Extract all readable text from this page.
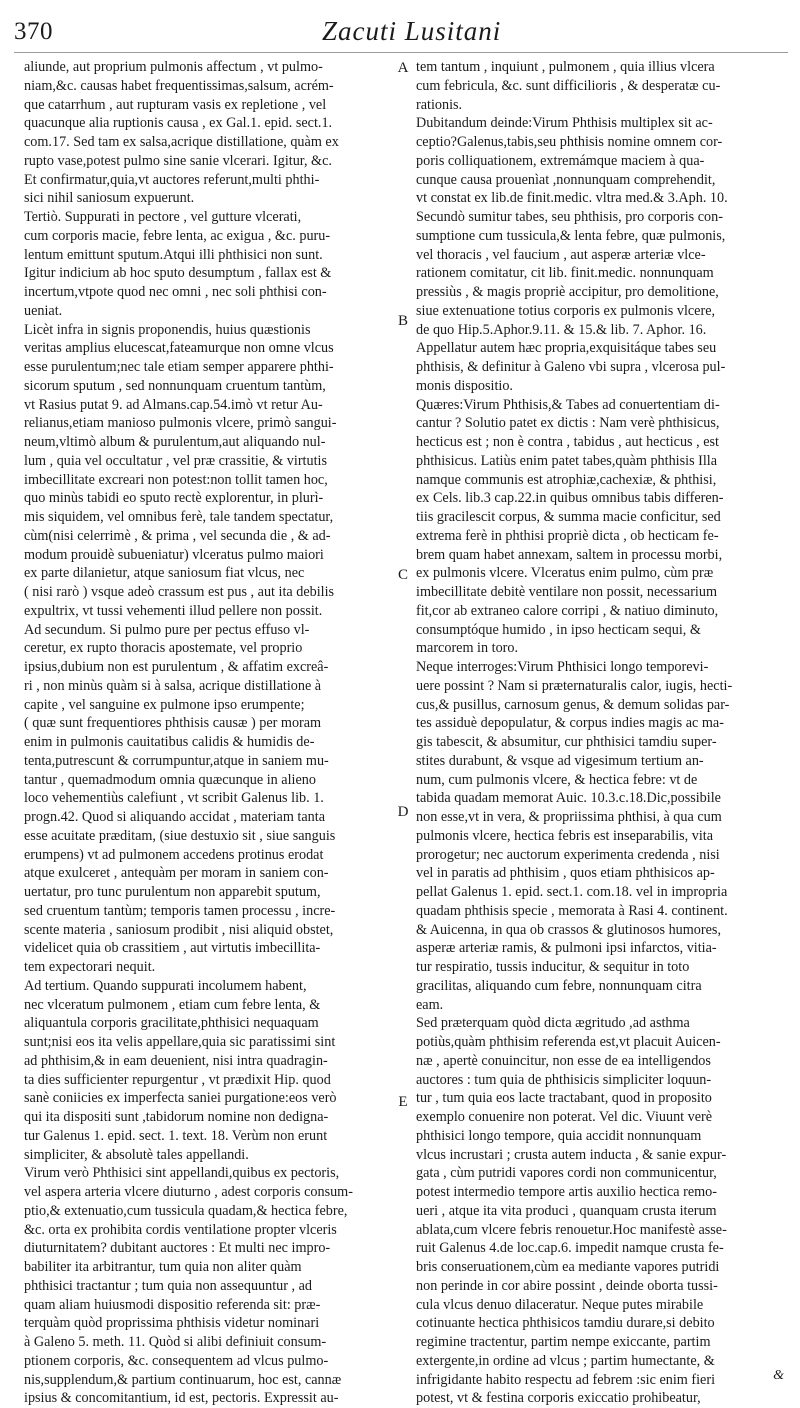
370	Zacuti Lusitani
aliunde, aut proprium pulmonis affectum , vt pulmo-
niam,&c. causas habet frequentissimas,salsum, acrém-
que catarrhum , aut rupturam vasis ex repletione , vel
quacunque alia ruptionis causa , ex Gal.1. epid. sect.1.
com.17. Sed tam ex salsa,acrique distillatione, quàm ex
rupto vase,potest pulmo sine sanie vlcerari. Igitur, &c.
Et confirmatur,quia,vt auctores referunt,multi phthi-
sici nihil saniosum expuerunt.
Tertiò. Suppurati in pectore , vel gutture vlcerati,
cum corporis macie, febre lenta, ac exigua , &c. puru-
lentum emittunt sputum.Atqui illi phthisici non sunt.
Igitur indicium ab hoc sputo desumptum , fallax est &
incertum,vtpote quod nec omni , nec soli phthisi con-
ueniat.
Licèt infra in signis proponendis, huius quæstionis
veritas amplius elucescat,fateamurque non omne vlcus
esse purulentum;nec tale etiam semper apparere phthi-
sicorum sputum , sed nonnunquam cruentum tantùm,
vt Rasius putat 9. ad Almans.cap.54.imò vt retur Au-
relianus,etiam manioso pulmonis vlcere, primò sangui-
neum,vltimò album & purulentum,aut aliquando nul-
lum , quia vel occultatur , vel præ crassitie, & virtutis
imbecillitate excreari non potest:non tollit tamen hoc,
quo minùs tabidi eo sputo rectè explorentur, in plurì-
mis siquidem, vel omnibus ferè, tale tandem spectatur,
cùm(nisi celerrimè , & prima , vel secunda die , & ad-
modum prouidè subueniatur) vlceratus pulmo maiori
ex parte dilanietur, atque saniosum fiat vlcus, nec
( nisi rarò ) vsque adeò crassum est pus , aut ita debilis
expultrix, vt tussi vehementi illud pellere non possit.
Ad secundum. Si pulmo pure per pectus effuso vl-
ceretur, ex rupto thoracis apostemate, vel proprio
ipsius,dubium non est purulentum , & affatim excreâ-
ri , non minùs quàm si à salsa, acrique distillatione à
capite , vel sanguine ex pulmone ipso erumpente;
( quæ sunt frequentiores phthisis causæ ) per moram
enim in pulmonis cauitatibus calidis & humidis de-
tenta,putrescunt & corrumpuntur,atque in saniem mu-
tantur , quemadmodum omnia quæcunque in alieno
loco vehementiùs calefiunt , vt scribit Galenus lib. 1.
progn.42. Quod si aliquando accidat , materiam tanta
esse acuitate præditam, (siue destuxio sit , siue sanguis
erumpens) vt ad pulmonem accedens protinus erodat
atque exulceret , antequàm per moram in saniem con-
uertatur, pro tunc purulentum non apparebit sputum,
sed cruentum tantùm; temporis tamen processu , incre-
scente materia , saniosum prodibit , nisi aliquid obstet,
videlicet quia ob crassitiem , aut virtutis imbecillita-
tem expectorari nequit.
Ad tertium. Quando suppurati incolumem habent,
nec vlceratum pulmonem , etiam cum febre lenta, &
aliquantula corporis gracilitate,phthisici nequaquam
sunt;nisi eos ita velis appellare,quia sic paratissimi sint
ad phthisim,& in eam deuenient, nisi intra quadragin-
ta dies sufficienter repurgentur , vt prædixit Hip. quod
sanè coniicies ex imperfecta saniei purgatione:eos verò
qui ita dispositi sunt ,tabidorum nomine non dedigna-
tur Galenus 1. epid. sect. 1. text. 18. Verùm non erunt
simpliciter, & absolutè tales appellandi.
Virum verò Phthisici sint appellandi,quibus ex pectoris,
vel aspera arteria vlcere diuturno , adest corporis consum-
ptio,& extenuatio,cum tussicula quadam,& hectica febre,
&c. orta ex prohibita cordis ventilatione propter vlceris
diuturnitatem? dubitant auctores : Et multi nec impro-
babiliter ita arbitrantur, tum quia non aliter quàm
phthisici tractantur ; tum quia non assequuntur , ad
quam aliam huiusmodi dispositio referenda sit: præ-
terquàm quòd proprissima phthisis videtur nominari
à Galeno 5. meth. 11. Quòd si alibi definiuit consum-
ptionem corporis, &c. consequentem ad vlcus pulmo-
nis,supplendum,& partium continuarum, hoc est, cannæ
ipsius & concomitantium, id est, pectoris. Expressit au-
A
B
C
D
E
tem tantum , inquiunt , pulmonem , quia illius vlcera
cum febricula, &c. sunt difficilioris , & desperatæ cu-
rationis.
Dubitandum deinde:Virum Phthisis multiplex sit ac-
ceptio?Galenus,tabis,seu phthisis nomine omnem cor-
poris colliquationem, extremámque maciem à qua-
cunque causa prouenìat ,nonnunquam comprehendit,
vt constat ex lib.de finit.medic. vltra med.& 3.Aph. 10.
Secundò sumitur tabes, seu phthisis, pro corporis con-
sumptione cum tussicula,& lenta febre, quæ pulmonis,
vel thoracis , vel faucium , aut asperæ arteriæ vlce-
rationem comitatur, cit lib. finit.medic. nonnunquam
pressiùs , & magis propriè accipitur, pro demolitione,
siue extenuatione totius corporis ex pulmonis vlcere,
de quo Hip.5.Aphor.9.11. & 15.& lib. 7. Aphor. 16.
Appellatur autem hæc propria,exquisitáque tabes seu
phthisis, & definitur à Galeno vbi supra , vlcerosa pul-
monis dispositio.
Quæres:Virum Phthisis,& Tabes ad conuertentiam di-
cantur ? Solutio patet ex dictis : Nam verè phthisicus,
hecticus est ; non è contra , tabidus , aut hecticus , est
phthisicus. Latiùs enim patet tabes,quàm phthisis Illa
namque communis est atrophiæ,cachexiæ, & phthisi,
ex Cels. lib.3 cap.22.in quibus omnibus tabis differen-
tiis gracilescit corpus, & summa macie conficitur, sed
extrema ferè in phthisi propriè dicta , ob hecticam fe-
brem quam habet annexam, saltem in processu morbi,
ex pulmonis vlcere. Vlceratus enim pulmo, cùm præ
imbecillitate debitè ventilare non possit, necessarium
fit,cor ab extraneo calore corripi , & natiuo diminuto,
consumptóque humido , in ipso hecticam sequi, &
marcorem in toro.
Neque interroges:Virum Phthisici longo temporevi-
uere possint ? Nam si præternaturalis calor, iugis, hecti-
cus,& pusillus, carnosum genus, & demum solidas par-
tes assiduè depopulatur, & corpus indies magis ac ma-
gis tabescit, & absumitur, cur phthisici tamdiu super-
stites durabunt, & vsque ad vigesimum tertium an-
num, cum pulmonis vlcere, & hectica febre: vt de
tabida quadam memorat Auic. 10.3.c.18.Dic,possibile
non esse,vt in vera, & propriissima phthisi, à qua cum
pulmonis vlcere, hectica febris est inseparabilis, vita
prorogetur; nec auctorum experimenta credenda , nisi
vel in paratis ad phthisim , quos etiam phthisicos ap-
pellat Galenus 1. epid. sect.1. com.18. vel in impropria
quadam phthisis specie , memorata à Rasi 4. continent.
& Auicenna, in qua ob crassos & glutinosos humores,
asperæ arteriæ ramis, & pulmoni ipsi infarctos, vitia-
tur respiratio, tussis inducitur, & sequitur in toto
gracilitas, aliquando cum febre, nonnunquam citra
eam.
Sed præterquam quòd dicta ægritudo ,ad asthma
potiùs,quàm phthisim referenda est,vt placuit Auicen-
næ , apertè conuincitur, non esse de ea intelligendos
auctores : tum quia de phthisicis simpliciter loquun-
tur , tum quia eos lacte tractabant, quod in proposito
exemplo conuenire non poterat. Vel dic. Viuunt verè
phthisici longo tempore, quia accidit nonnunquam
vlcus incrustari ; crusta autem inducta , & sanie expur-
gata , cùm putridi vapores cordi non communicentur,
potest intermedio tempore artis auxilio hectica remo-
ueri , atque ita vita produci , quanquam crusta iterum
ablata,cum vlcere febris renouetur.Hoc manifestè asse-
ruit Galenus 4.de loc.cap.6. impedit namque crusta fe-
bris conseruationem,cùm ea mediante vapores putridi
non perinde in cor abire possint , deinde oborta tussi-
cula vlcus denuo dilaceratur. Neque putes mirabile
cotinuante hectica phthisicos tamdiu durare,si debito
regimine tractentur, partim nempe exiccante, partim
extergente,in ordine ad vlcus ; partim humectante, &
infrigidante habito respectu ad febrem :sic enim fieri
potest, vt & festina corporis exiccatio prohibeatur,
&
